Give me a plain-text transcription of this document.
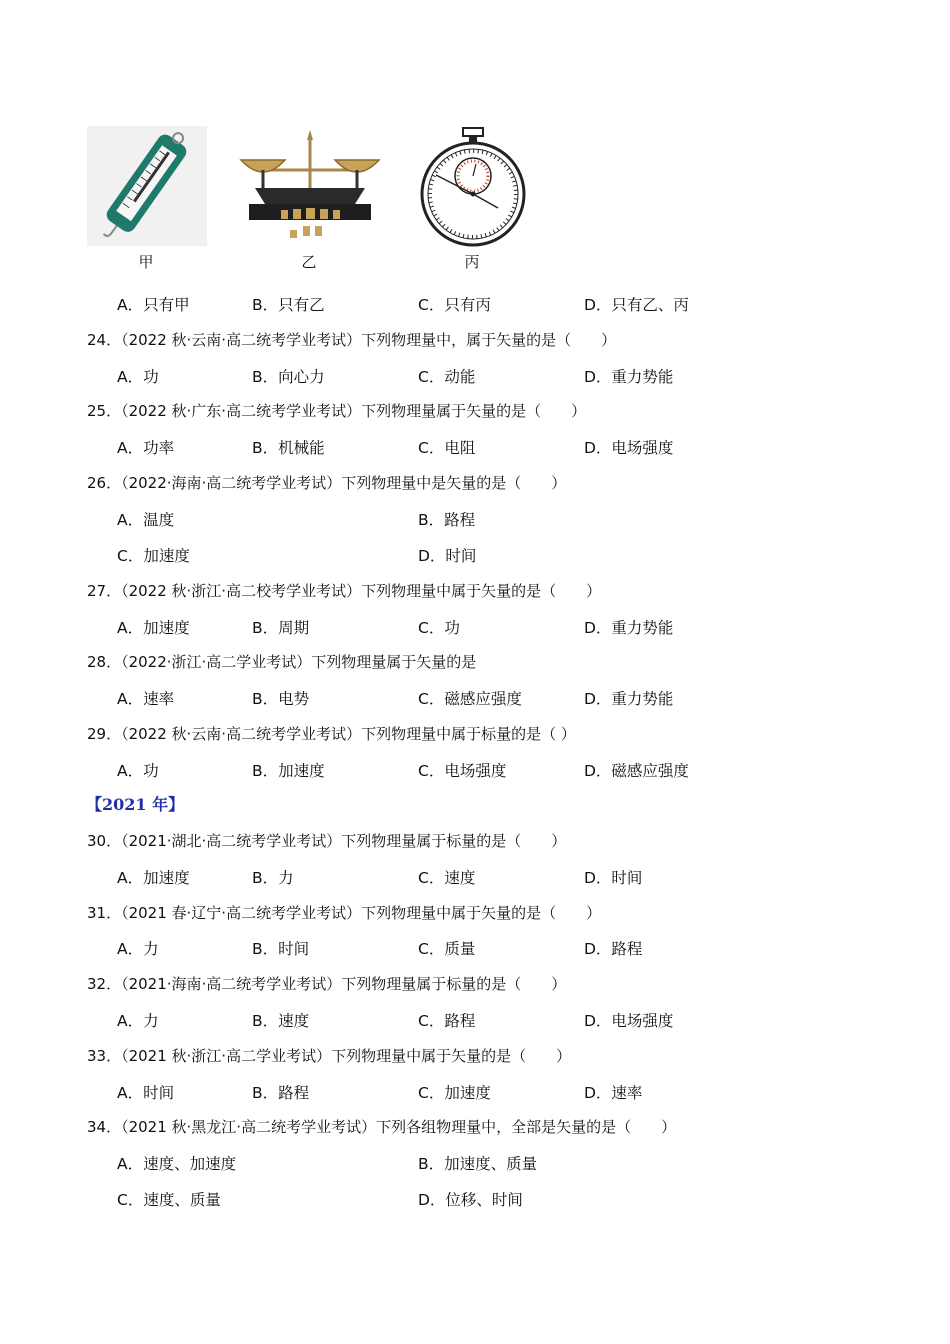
甲	乙	丙
A．只有甲	B．只有乙	C．只有丙	D．只有乙、丙
24．（2022 秋·云南·高二统考学业考试）下列物理量中，属于矢量的是（　　）
A．功	B．向心力	C．动能	D．重力势能
25．（2022 秋·广东·高二统考学业考试）下列物理量属于矢量的是（　　）
A．功率	B．机械能	C．电阻	D．电场强度
26．（2022·海南·高二统考学业考试）下列物理量中是矢量的是（　　）
A．温度	B．路程
C．加速度	D．时间
27．（2022 秋·浙江·高二校考学业考试）下列物理量中属于矢量的是（　　）
A．加速度	B．周期	C．功	D．重力势能
28．（2022·浙江·高二学业考试）下列物理量属于矢量的是
A．速率	B．电势	C．磁感应强度	D．重力势能
29．（2022 秋·云南·高二统考学业考试）下列物理量中属于标量的是（ ）
A．功	B．加速度	C．电场强度	D．磁感应强度
【2021 年】
30．（2021·湖北·高二统考学业考试）下列物理量属于标量的是（　　）
A．加速度	B．力	C．速度	D．时间
31．（2021 春·辽宁·高二统考学业考试）下列物理量中属于矢量的是（　　）
A．力	B．时间	C．质量	D．路程
32．（2021·海南·高二统考学业考试）下列物理量属于标量的是（　　）
A．力	B．速度	C．路程	D．电场强度
33．（2021 秋·浙江·高二学业考试）下列物理量中属于矢量的是（　　）
A．时间	B．路程	C．加速度	D．速率
34．（2021 秋·黑龙江·高二统考学业考试）下列各组物理量中，全部是矢量的是（　　）
A．速度、加速度	B．加速度、质量
C．速度、质量	D．位移、时间
